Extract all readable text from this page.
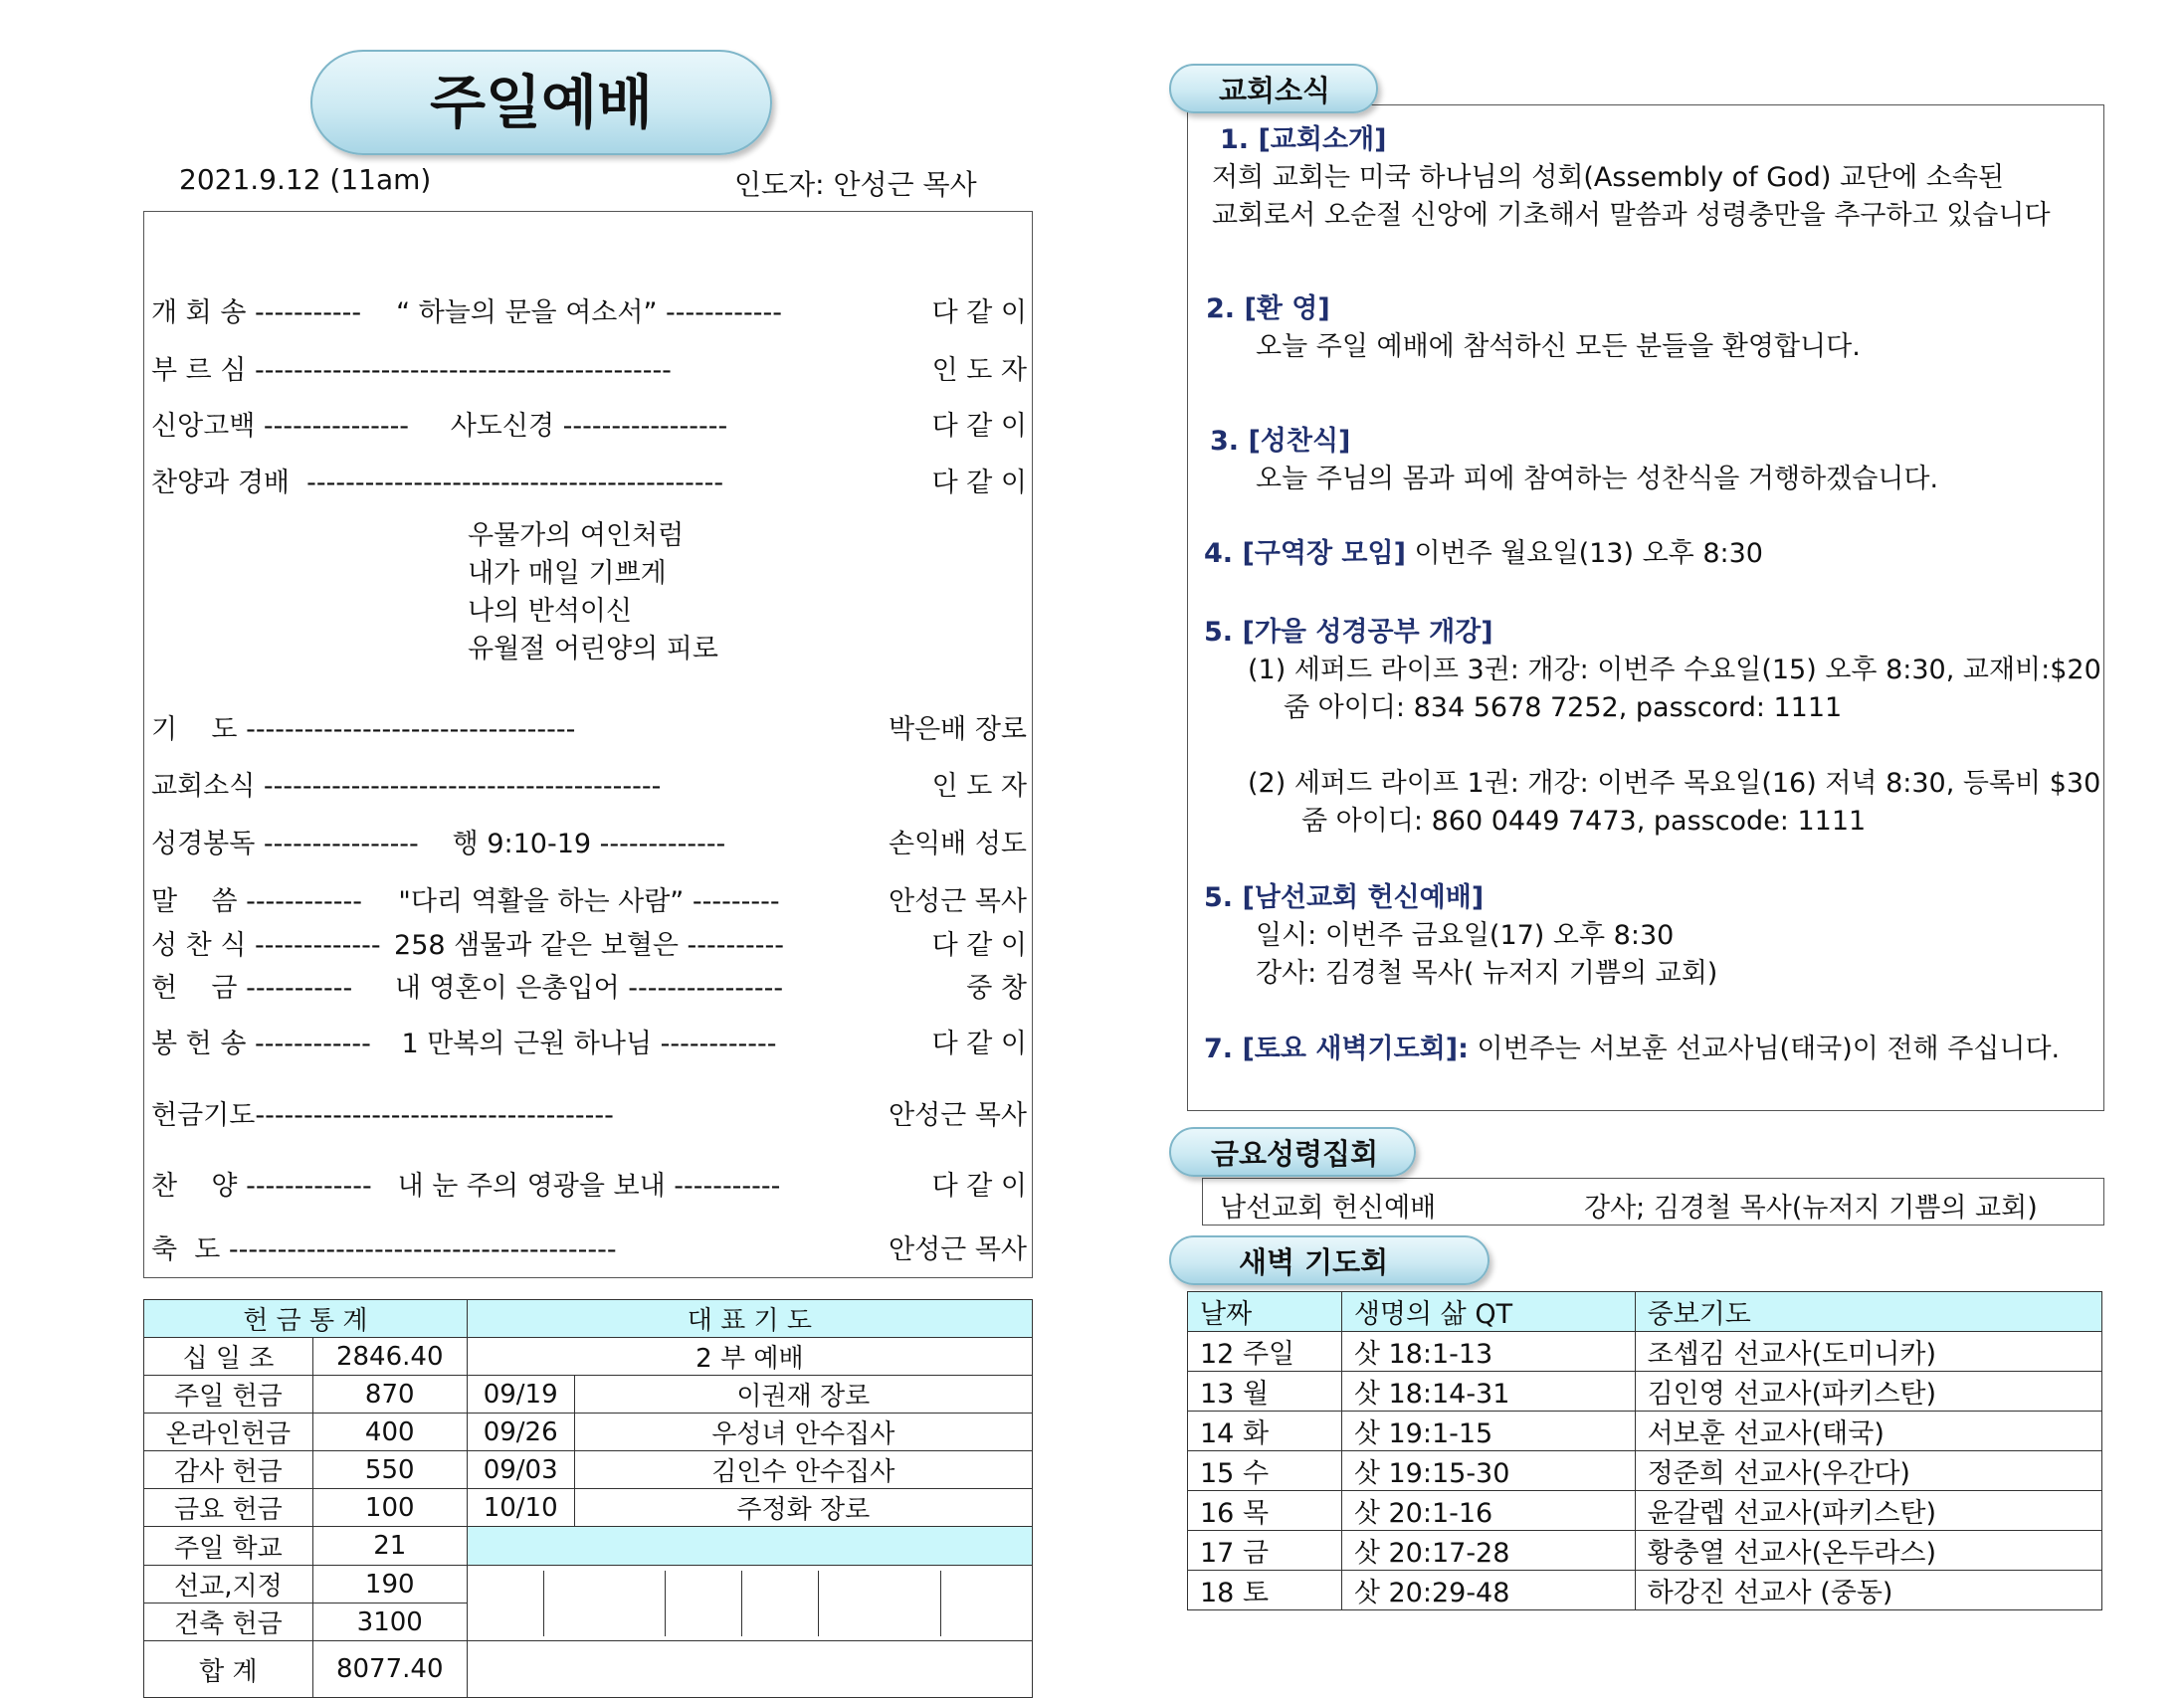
주일예배
2021.9.12 (11am)	인도자: 안성근 목사
개 회 송 -----------	“ 하늘의 문을 여소서” ------------	다 같 이
부 르 심 -------------------------------------------	인 도 자
신앙고백 ---------------	사도신경 -----------------	다 같 이
찬양과 경배  -------------------------------------------	다 같 이
우물가의 여인처럼
내가 매일 기쁘게
나의 반석이신
유월절 어린양의 피로
기    도 ----------------------------------	박은배 장로
교회소식 -----------------------------------------	인 도 자
성경봉독 ----------------	행 9:10-19 -------------	손익배 성도
말    씀 ------------	"다리 역활을 하는 사람” ---------	안성근 목사
성 찬 식 ------------- 258 샘물과 같은 보혈은 ----------	다 같 이
헌    금 -----------	내 영혼이 은총입어 ----------------	중 창
봉 헌 송 ------------	1 만복의 근원 하나님 ------------	다 같 이
헌금기도-------------------------------------	안성근 목사
찬    양 ------------- 내 눈 주의 영광을 보내 -----------	다 같 이
축  도 ----------------------------------------	안성근 목사
헌 금 통 계		대 표 기 도	
십 일 조	2846.40	2 부 예배	
주일 헌금	870	09/19	이권재 장로
온라인헌금	400	09/26	우성녀 안수집사
감사 헌금	550	09/03	김인수 안수집사
금요 헌금	100	10/10	주정화 장로
주일 학교	21		
선교,지정	190		

건축 헌금	3100		
합 계	8077.40		
교회소식
1. [교회소개]
저희 교회는 미국 하나님의 성회(Assembly of God) 교단에 소속된
교회로서 오순절 신앙에 기초해서 말씀과 성령충만을 추구하고 있습니다
2. [환 영]
오늘 주일 예배에 참석하신 모든 분들을 환영합니다.
3. [성찬식]
오늘 주님의 몸과 피에 참여하는 성찬식을 거행하겠습니다.
4. [구역장 모임] 이번주 월요일(13) 오후 8:30
5. [가을 성경공부 개강]
(1) 세퍼드 라이프 3권: 개강: 이번주 수요일(15) 오후 8:30, 교재비:$20
줌 아이디: 834 5678 7252, passcord: 1111
(2) 세퍼드 라이프 1권: 개강: 이번주 목요일(16) 저녁 8:30, 등록비 $30
줌 아이디: 860 0449 7473, passcode: 1111
5. [남선교회 헌신예배]
일시: 이번주 금요일(17) 오후 8:30
강사: 김경철 목사( 뉴저지 기쁨의 교회)
7. [토요 새벽기도회]: 이번주는 서보훈 선교사님(태국)이 전해 주십니다.
금요성령집회
남선교회 헌신예배	강사; 김경철 목사(뉴저지 기쁨의 교회)
새벽 기도회
날짜	생명의 삶 QT	중보기도
12 주일	삿 18:1-13	조셉김 선교사(도미니카)
13 월	삿 18:14-31	김인영 선교사(파키스탄)
14 화	삿 19:1-15	서보훈 선교사(태국)
15 수	삿 19:15-30	정준희 선교사(우간다)
16 목	삿 20:1-16	윤갈렙 선교사(파키스탄)
17 금	삿 20:17-28	황충열 선교사(온두라스)
18 토	삿 20:29-48	하강진 선교사 (중동)
